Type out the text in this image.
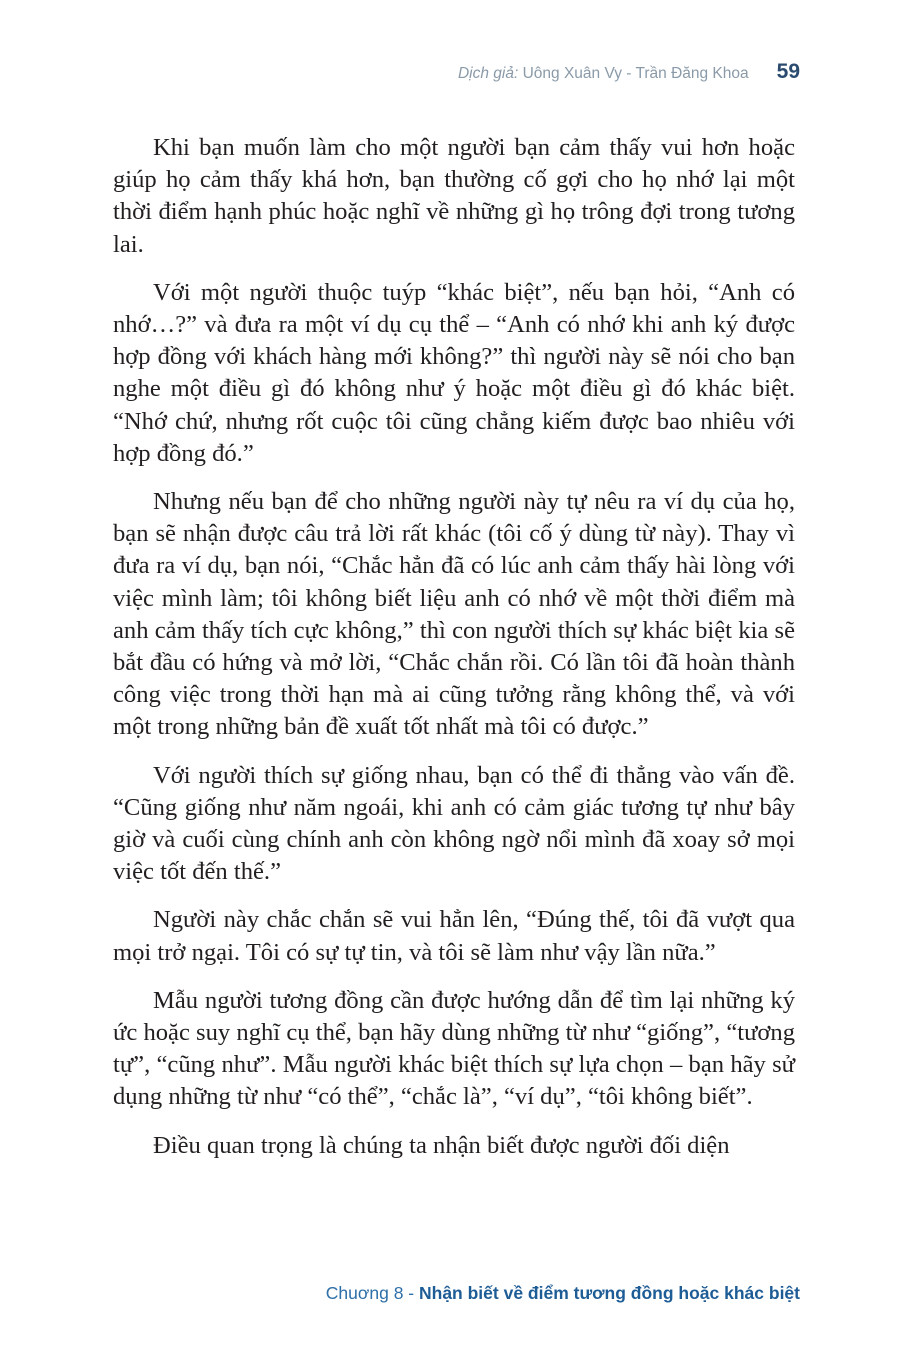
Dịch giả: Uông Xuân Vy - Trần Đăng Khoa 59

Khi bạn muốn làm cho một người bạn cảm thấy vui hơn hoặc giúp họ cảm thấy khá hơn, bạn thường cố gợi cho họ nhớ lại một thời điểm hạnh phúc hoặc nghĩ về những gì họ trông đợi trong tương lai.

Với một người thuộc tuýp “khác biệt”, nếu bạn hỏi, “Anh có nhớ…?” và đưa ra một ví dụ cụ thể – “Anh có nhớ khi anh ký được hợp đồng với khách hàng mới không?” thì người này sẽ nói cho bạn nghe một điều gì đó không như ý hoặc một điều gì đó khác biệt. “Nhớ chứ, nhưng rốt cuộc tôi cũng chẳng kiếm được bao nhiêu với hợp đồng đó.”

Nhưng nếu bạn để cho những người này tự nêu ra ví dụ của họ, bạn sẽ nhận được câu trả lời rất khác (tôi cố ý dùng từ này). Thay vì đưa ra ví dụ, bạn nói, “Chắc hẳn đã có lúc anh cảm thấy hài lòng với việc mình làm; tôi không biết liệu anh có nhớ về một thời điểm mà anh cảm thấy tích cực không,” thì con người thích sự khác biệt kia sẽ bắt đầu có hứng và mở lời, “Chắc chắn rồi. Có lần tôi đã hoàn thành công việc trong thời hạn mà ai cũng tưởng rằng không thể, và với một trong những bản đề xuất tốt nhất mà tôi có được.”

Với người thích sự giống nhau, bạn có thể đi thẳng vào vấn đề. “Cũng giống như năm ngoái, khi anh có cảm giác tương tự như bây giờ và cuối cùng chính anh còn không ngờ nổi mình đã xoay sở mọi việc tốt đến thế.”

Người này chắc chắn sẽ vui hẳn lên, “Đúng thế, tôi đã vượt qua mọi trở ngại. Tôi có sự tự tin, và tôi sẽ làm như vậy lần nữa.”

Mẫu người tương đồng cần được hướng dẫn để tìm lại những ký ức hoặc suy nghĩ cụ thể, bạn hãy dùng những từ như “giống”, “tương tự”, “cũng như”. Mẫu người khác biệt thích sự lựa chọn – bạn hãy sử dụng những từ như “có thể”, “chắc là”, “ví dụ”, “tôi không biết”.

Điều quan trọng là chúng ta nhận biết được người đối diện

Chuơng 8 - Nhận biết về điểm tương đồng hoặc khác biệt
